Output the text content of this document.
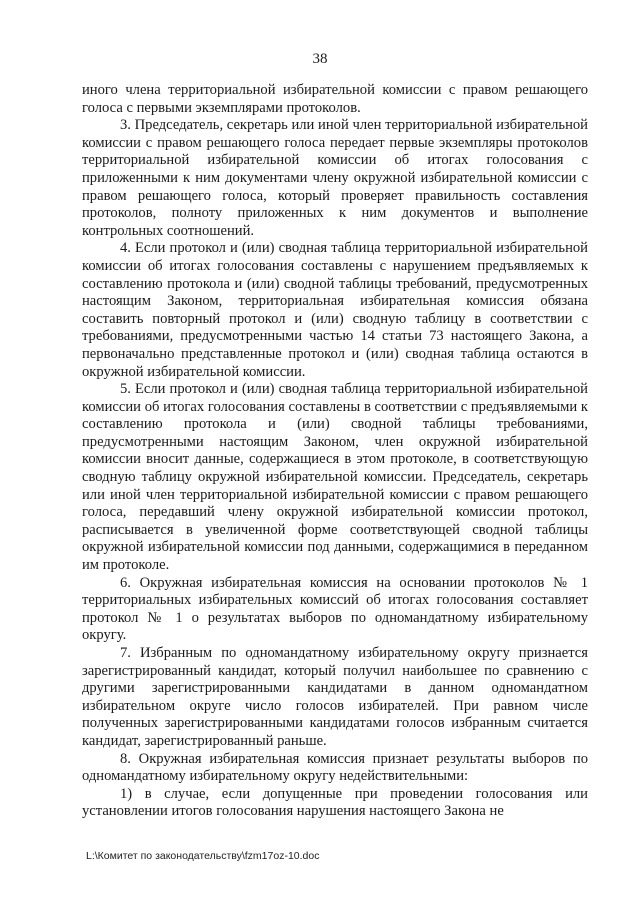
38

иного члена территориальной избирательной комиссии с правом решающего голоса с первыми экземплярами протоколов.

3. Председатель, секретарь или иной член территориальной избирательной комиссии с правом решающего голоса передает первые экземпляры протоколов территориальной избирательной комиссии об итогах голосования с приложенными к ним документами члену окружной избирательной комиссии с правом решающего голоса, который проверяет правильность составления протоколов, полноту приложенных к ним документов и выполнение контрольных соотношений.

4. Если протокол и (или) сводная таблица территориальной избирательной комиссии об итогах голосования составлены с нарушением предъявляемых к составлению протокола и (или) сводной таблицы требований, предусмотренных настоящим Законом, территориальная избирательная комиссия обязана составить повторный протокол и (или) сводную таблицу в соответствии с требованиями, предусмотренными частью 14 статьи 73 настоящего Закона, а первоначально представленные протокол и (или) сводная таблица остаются в окружной избирательной комиссии.

5. Если протокол и (или) сводная таблица территориальной избирательной комиссии об итогах голосования составлены в соответствии с предъявляемыми к составлению протокола и (или) сводной таблицы требованиями, предусмотренными настоящим Законом, член окружной избирательной комиссии вносит данные, содержащиеся в этом протоколе, в соответствующую сводную таблицу окружной избирательной комиссии. Председатель, секретарь или иной член территориальной избирательной комиссии с правом решающего голоса, передавший члену окружной избирательной комиссии протокол, расписывается в увеличенной форме соответствующей сводной таблицы окружной избирательной комиссии под данными, содержащимися в переданном им протоколе.

6. Окружная избирательная комиссия на основании протоколов № 1 территориальных избирательных комиссий об итогах голосования составляет протокол № 1 о результатах выборов по одномандатному избирательному округу.

7. Избранным по одномандатному избирательному округу признается зарегистрированный кандидат, который получил наибольшее по сравнению с другими зарегистрированными кандидатами в данном одномандатном избирательном округе число голосов избирателей. При равном числе полученных зарегистрированными кандидатами голосов избранным считается кандидат, зарегистрированный раньше.

8. Окружная избирательная комиссия признает результаты выборов по одномандатному избирательному округу недействительными:

1) в случае, если допущенные при проведении голосования или установлении итогов голосования нарушения настоящего Закона не

L:\Комитет по законодательству\fzm17oz-10.doc
